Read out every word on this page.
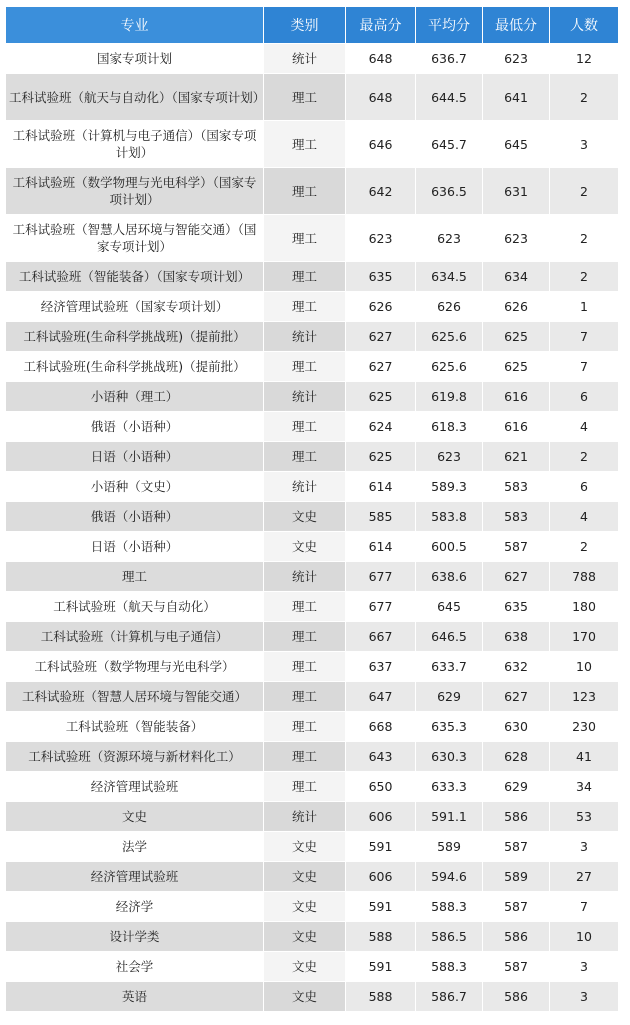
专业	类别	最高分	平均分	最低分	人数
国家专项计划	统计	648	636.7	623	12
工科试验班（航天与自动化）（国家专项计划）	理工	648	644.5	641	2
工科试验班（计算机与电子通信）（国家专项计划）	理工	646	645.7	645	3
工科试验班（数学物理与光电科学）（国家专项计划）	理工	642	636.5	631	2
工科试验班（智慧人居环境与智能交通）（国家专项计划）	理工	623	623	623	2
工科试验班（智能装备）（国家专项计划）	理工	635	634.5	634	2
经济管理试验班（国家专项计划）	理工	626	626	626	1
工科试验班(生命科学挑战班)（提前批）	统计	627	625.6	625	7
工科试验班(生命科学挑战班)（提前批）	理工	627	625.6	625	7
小语种（理工）	统计	625	619.8	616	6
俄语（小语种）	理工	624	618.3	616	4
日语（小语种）	理工	625	623	621	2
小语种（文史）	统计	614	589.3	583	6
俄语（小语种）	文史	585	583.8	583	4
日语（小语种）	文史	614	600.5	587	2
理工	统计	677	638.6	627	788
工科试验班（航天与自动化）	理工	677	645	635	180
工科试验班（计算机与电子通信）	理工	667	646.5	638	170
工科试验班（数学物理与光电科学）	理工	637	633.7	632	10
工科试验班（智慧人居环境与智能交通）	理工	647	629	627	123
工科试验班（智能装备）	理工	668	635.3	630	230
工科试验班（资源环境与新材料化工）	理工	643	630.3	628	41
经济管理试验班	理工	650	633.3	629	34
文史	统计	606	591.1	586	53
法学	文史	591	589	587	3
经济管理试验班	文史	606	594.6	589	27
经济学	文史	591	588.3	587	7
设计学类	文史	588	586.5	586	10
社会学	文史	591	588.3	587	3
英语	文史	588	586.7	586	3
